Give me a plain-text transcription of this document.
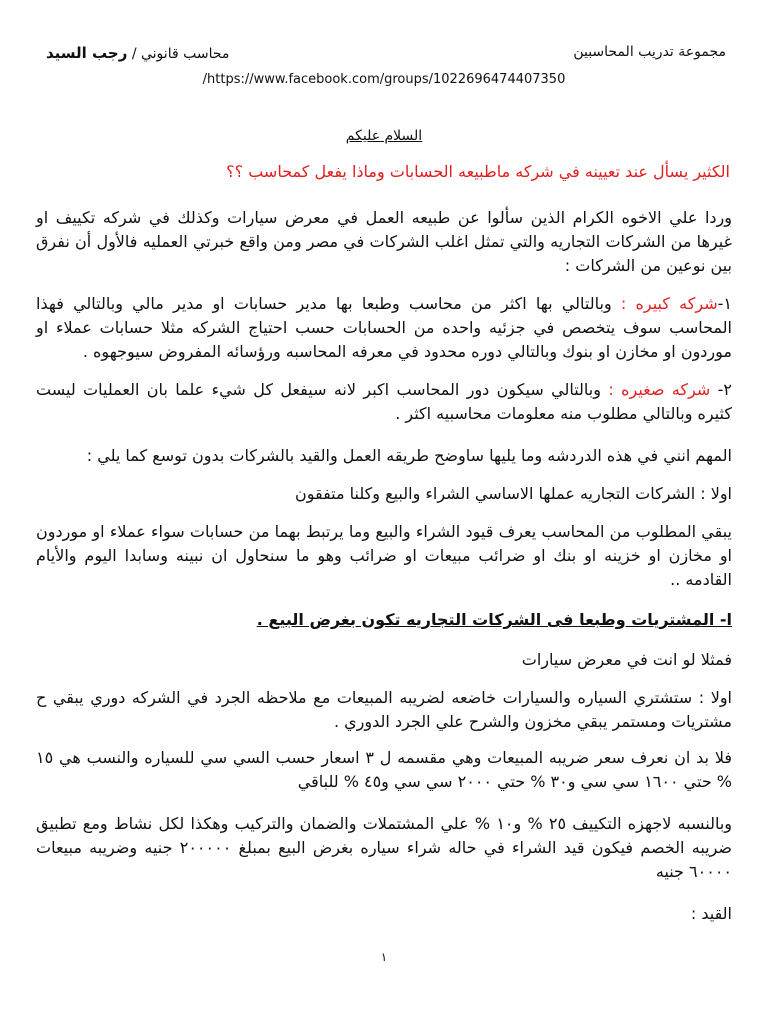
مجموعة تدريب المحاسبين
محاسب قانوني / رجب السيد
/https://www.facebook.com/groups/1022696474407350
السلام عليكم
الكثير يسأل عند تعيينه في شركه ماطبيعه الحسابات وماذا يفعل كمحاسب ؟؟
وردا علي الاخوه الكرام الذين سألوا عن طبيعه العمل في معرض سيارات وكذلك في شركه تكييف او غيرها من الشركات التجاريه والتي تمثل اغلب الشركات في مصر ومن واقع خبرتي العمليه فالأول أن نفرق بين نوعين من الشركات :
١-شركه كبيره : وبالتالي بها اكثر من محاسب وطبعا بها مدير حسابات او مدير مالي وبالتالي فهذا المحاسب سوف يتخصص في جزئيه واحده من الحسابات حسب احتياج الشركه مثلا حسابات عملاء او موردون او مخازن او بنوك وبالتالي دوره محدود في معرفه المحاسبه ورؤسائه المفروض سيوجهوه .
٢- شركه صغيره : وبالتالي سيكون دور المحاسب اكبر لانه سيفعل كل شيء علما بان العمليات ليست كثيره وبالتالي مطلوب منه معلومات محاسبيه اكثر .
المهم انني في هذه الدردشه وما يليها ساوضح طريقه العمل والقيد بالشركات بدون توسع كما يلي :
اولا : الشركات التجاريه عملها الاساسي الشراء والبيع وكلنا متفقون
يبقي المطلوب من المحاسب يعرف قيود الشراء والبيع وما يرتبط بهما من حسابات سواء عملاء او موردون او مخازن او خزينه او بنك او ضرائب مبيعات او ضرائب وهو ما سنحاول ان نبينه وسابدا اليوم والأيام القادمه ..
ا- المشتريات وطبعا فى الشركات التجاريه تكون بغرض البيع .
فمثلا لو انت في معرض سيارات
اولا : ستشتري السياره والسيارات خاضعه لضريبه المبيعات مع ملاحظه الجرد في الشركه دوري يبقي ح مشتريات ومستمر يبقي مخزون والشرح علي الجرد الدوري .
فلا بد ان نعرف سعر ضريبه المبيعات وهي مقسمه ل ٣ اسعار حسب السي سي للسياره والنسب هي ١٥ % حتي ١٦٠٠ سي سي و٣٠ % حتي ٢٠٠٠ سي سي و٤٥ % للباقي
وبالنسبه لاجهزه التكييف ٢٥ % و١٠ % علي المشتملات والضمان والتركيب وهكذا لكل نشاط ومع تطبيق ضريبه الخصم فيكون قيد الشراء في حاله شراء سياره بغرض البيع بمبلغ ٢٠٠٠٠٠ جنيه وضريبه مبيعات ٦٠٠٠٠ جنيه
القيد :
١
